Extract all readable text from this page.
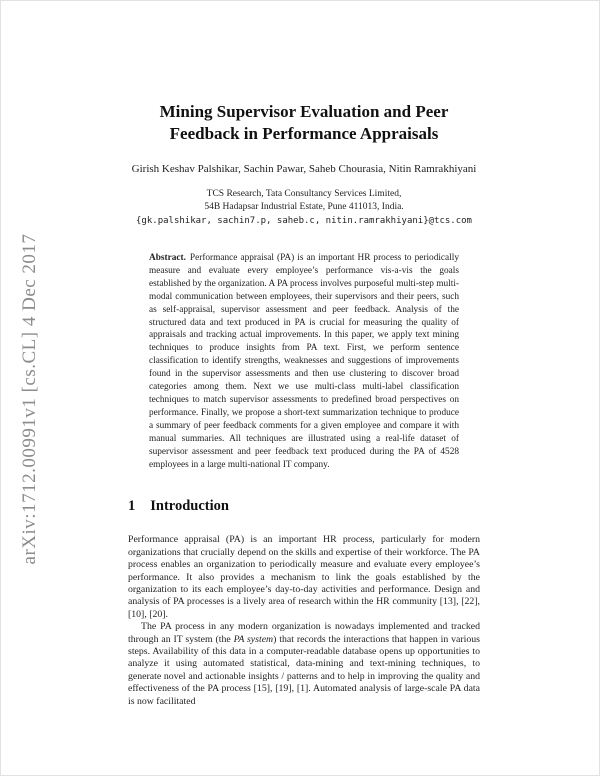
arXiv:1712.00991v1 [cs.CL] 4 Dec 2017
Mining Supervisor Evaluation and Peer
Feedback in Performance Appraisals
Girish Keshav Palshikar, Sachin Pawar, Saheb Chourasia, Nitin Ramrakhiyani
TCS Research, Tata Consultancy Services Limited,
54B Hadapsar Industrial Estate, Pune 411013, India.
{gk.palshikar, sachin7.p, saheb.c, nitin.ramrakhiyani}@tcs.com
Abstract. Performance appraisal (PA) is an important HR process to periodically measure and evaluate every employee’s performance vis-a-vis the goals established by the organization. A PA process involves purposeful multi-step multi-modal communication between employees, their supervisors and their peers, such as self-appraisal, supervisor assessment and peer feedback. Analysis of the structured data and text produced in PA is crucial for measuring the quality of appraisals and tracking actual improvements. In this paper, we apply text mining techniques to produce insights from PA text. First, we perform sentence classification to identify strengths, weaknesses and suggestions of improvements found in the supervisor assessments and then use clustering to discover broad categories among them. Next we use multi-class multi-label classification techniques to match supervisor assessments to predefined broad perspectives on performance. Finally, we propose a short-text summarization technique to produce a summary of peer feedback comments for a given employee and compare it with manual summaries. All techniques are illustrated using a real-life dataset of supervisor assessment and peer feedback text produced during the PA of 4528 employees in a large multi-national IT company.
1 Introduction

Performance appraisal (PA) is an important HR process, particularly for modern organizations that crucially depend on the skills and expertise of their workforce. The PA process enables an organization to periodically measure and evaluate every employee’s performance. It also provides a mechanism to link the goals established by the organization to its each employee’s day-to-day activities and performance. Design and analysis of PA processes is a lively area of research within the HR community [13], [22], [10], [20].

The PA process in any modern organization is nowadays implemented and tracked through an IT system (the PA system) that records the interactions that happen in various steps. Availability of this data in a computer-readable database opens up opportunities to analyze it using automated statistical, data-mining and text-mining techniques, to generate novel and actionable insights / patterns and to help in improving the quality and effectiveness of the PA process [15], [19], [1]. Automated analysis of large-scale PA data is now facilitated
